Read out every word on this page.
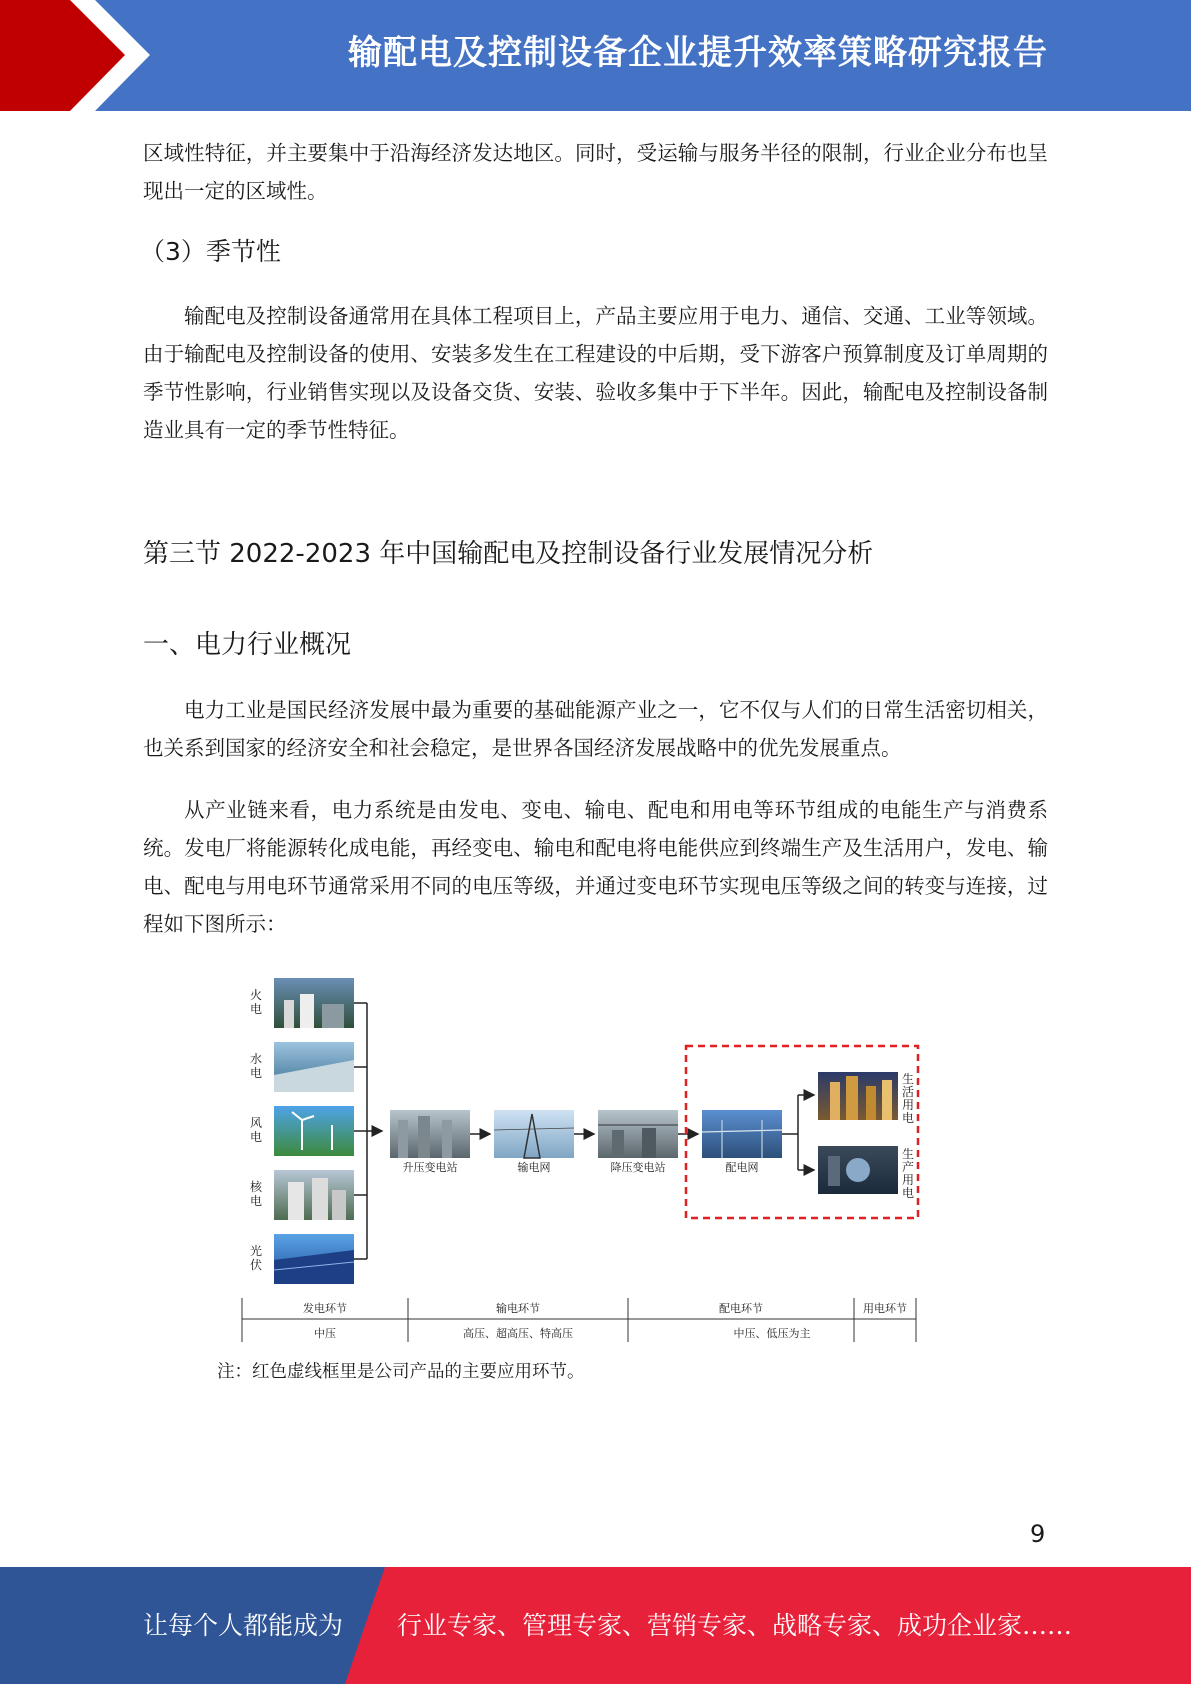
输配电及控制设备企业提升效率策略研究报告

区域性特征，并主要集中于沿海经济发达地区。同时，受运输与服务半径的限制，行业企业分布也呈现出一定的区域性。

（3）季节性

输配电及控制设备通常用在具体工程项目上，产品主要应用于电力、通信、交通、工业等领域。由于输配电及控制设备的使用、安装多发生在工程建设的中后期，受下游客户预算制度及订单周期的季节性影响，行业销售实现以及设备交货、安装、验收多集中于下半年。因此，输配电及控制设备制造业具有一定的季节性特征。

第三节 2022-2023 年中国输配电及控制设备行业发展情况分析
一、电力行业概况

电力工业是国民经济发展中最为重要的基础能源产业之一，它不仅与人们的日常生活密切相关，也关系到国家的经济安全和社会稳定，是世界各国经济发展战略中的优先发展重点。

从产业链来看，电力系统是由发电、变电、输电、配电和用电等环节组成的电能生产与消费系统。发电厂将能源转化成电能，再经变电、输电和配电将电能供应到终端生产及生活用户，发电、输电、配电与用电环节通常采用不同的电压等级，并通过变电环节实现电压等级之间的转变与连接，过程如下图所示：

升压变电站	输电网	降压变电站	配电网
发电环节	输电环节	配电环节	用电环节
中压	高压、超高压、特高压	中压、低压为主
火电
水电
风电
核电
光伏
生活用电
生产用电
注：红色虚线框里是公司产品的主要应用环节。
9
让每个人都能成为 行业专家、管理专家、营销专家、战略专家、成功企业家……
